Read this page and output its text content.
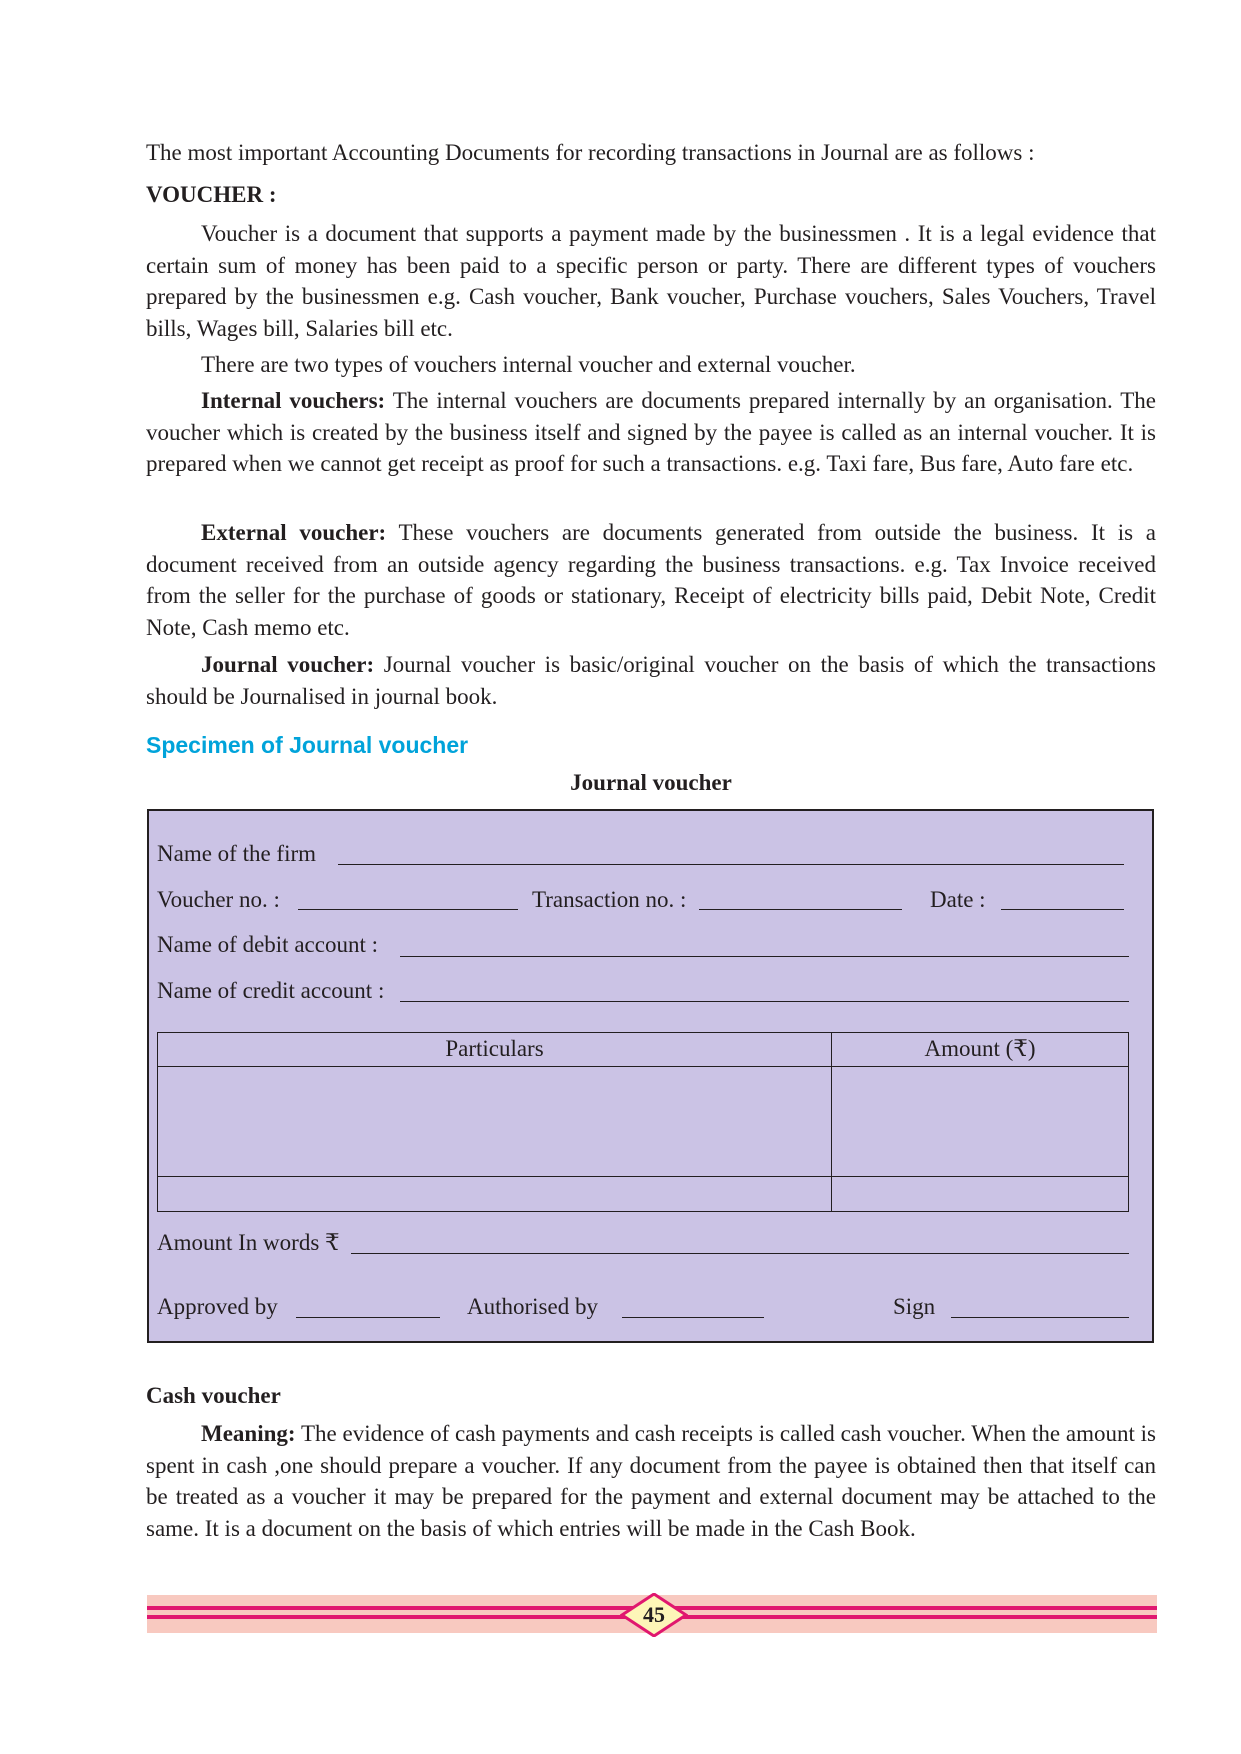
The most important Accounting Documents for recording transactions in Journal are as follows :

VOUCHER :

Voucher is a document that supports a payment made by the businessmen . It is a legal evidence that certain sum of money has been paid to a specific person or party. There are different types of vouchers prepared by the businessmen e.g. Cash voucher, Bank voucher, Purchase vouchers, Sales Vouchers, Travel bills, Wages bill, Salaries bill etc.

There are two types of vouchers internal voucher and external voucher.

Internal vouchers: The internal vouchers are documents prepared internally by an organisation. The voucher which is created by the business itself and signed by the payee is called as an internal voucher. It is prepared when we cannot get receipt as proof for such a transactions. e.g. Taxi fare, Bus fare, Auto fare etc.

External voucher: These vouchers are documents generated from outside the business. It is a document received from an outside agency regarding the business transactions. e.g. Tax Invoice received from the seller for the purchase of goods or stationary, Receipt of electricity bills paid, Debit Note, Credit Note, Cash memo etc.

Journal voucher: Journal voucher is basic/original voucher on the basis of which the transactions should be Journalised in journal book.

Specimen of Journal voucher

Journal voucher

Name of the firm
Voucher no. :	Transaction no. :	Date :
Name of debit account :
Name of credit account :
Particulars	Amount (₹)

Amount In words ₹
Approved by	Authorised by	Sign

Cash voucher

Meaning: The evidence of cash payments and cash receipts is called cash voucher. When the amount is spent in cash ,one should prepare a voucher. If any document from the payee is obtained then that itself can be treated as a voucher it may be prepared for the payment and external document may be attached to the same. It is a document on the basis of which entries will be made in the Cash Book.

45
